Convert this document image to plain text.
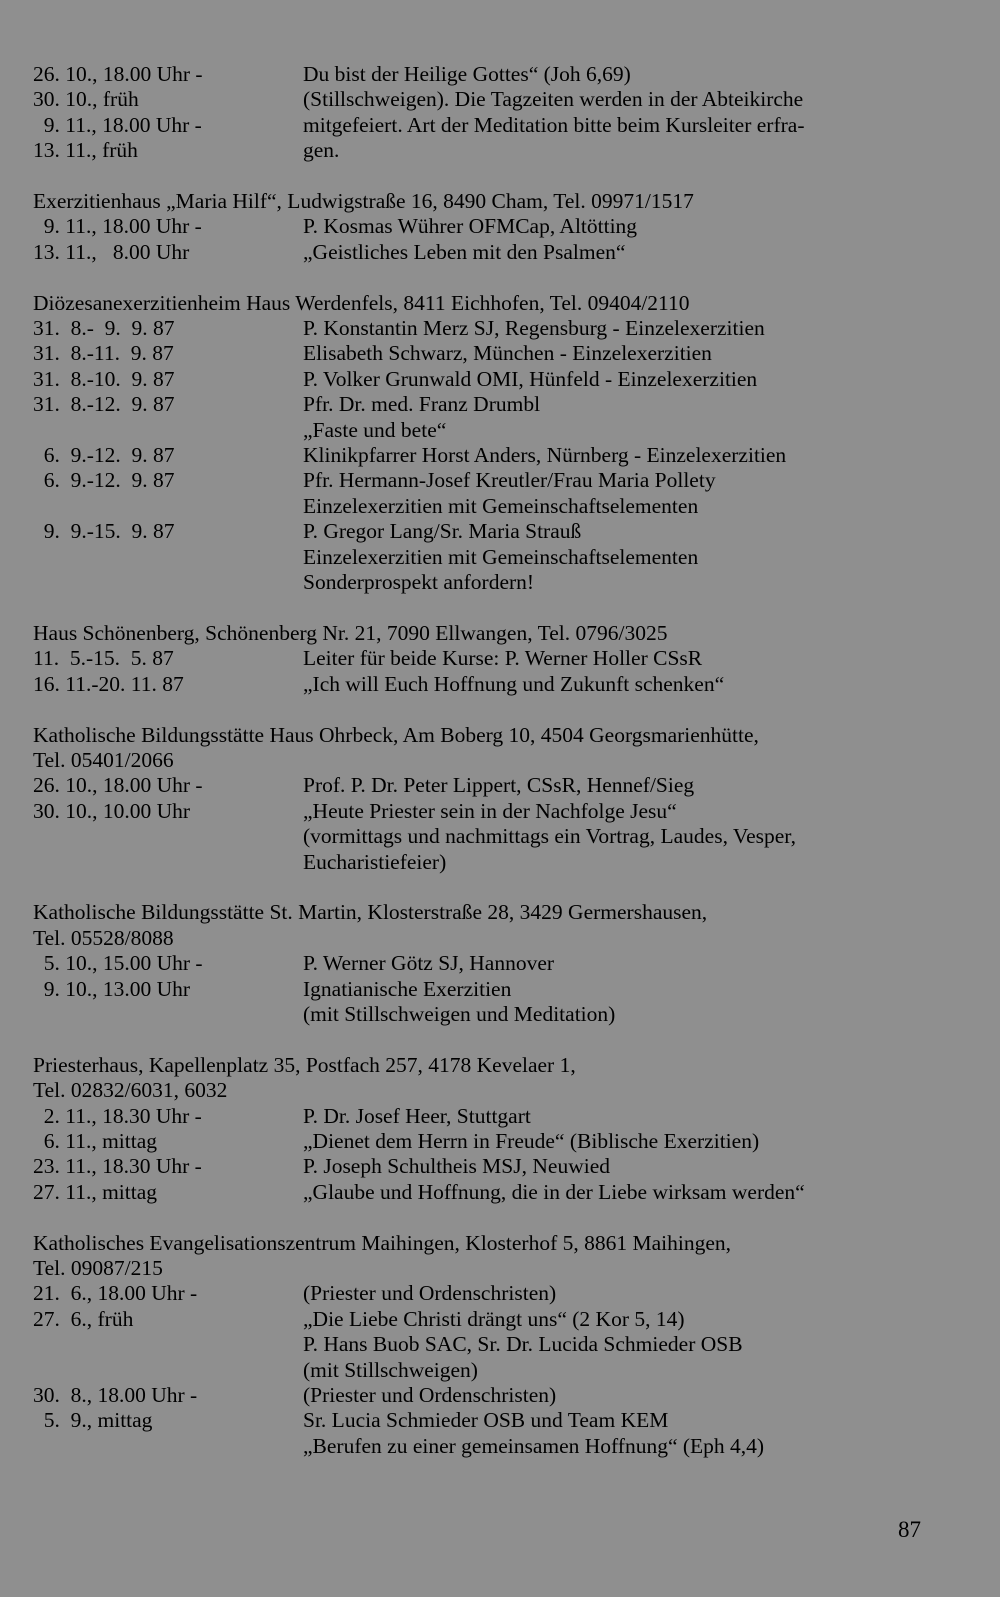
26. 10., 18.00 Uhr -	Du bist der Heilige Gottes“ (Joh 6,69)
30. 10., früh	(Stillschweigen). Die Tagzeiten werden in der Abteikirche
9. 11., 18.00 Uhr -	mitgefeiert. Art der Meditation bitte beim Kursleiter erfra-
13. 11., früh	gen.
Exerzitienhaus „Maria Hilf“, Ludwigstraße 16, 8490 Cham, Tel. 09971/1517
9. 11., 18.00 Uhr -	P. Kosmas Wührer OFMCap, Altötting
13. 11.,   8.00 Uhr	„Geistliches Leben mit den Psalmen“
Diözesanexerzitienheim Haus Werdenfels, 8411 Eichhofen, Tel. 09404/2110
31.  8.-  9.  9. 87	P. Konstantin Merz SJ, Regensburg - Einzelexerzitien
31.  8.-11.  9. 87	Elisabeth Schwarz, München - Einzelexerzitien
31.  8.-10.  9. 87	P. Volker Grunwald OMI, Hünfeld - Einzelexerzitien
31.  8.-12.  9. 87	Pfr. Dr. med. Franz Drumbl
„Faste und bete“
6.  9.-12.  9. 87	Klinikpfarrer Horst Anders, Nürnberg - Einzelexerzitien
6.  9.-12.  9. 87	Pfr. Hermann-Josef Kreutler/Frau Maria Pollety
Einzelexerzitien mit Gemeinschaftselementen
9.  9.-15.  9. 87	P. Gregor Lang/Sr. Maria Strauß
Einzelexerzitien mit Gemeinschaftselementen
Sonderprospekt anfordern!
Haus Schönenberg, Schönenberg Nr. 21, 7090 Ellwangen, Tel. 0796/3025
11.  5.-15.  5. 87	Leiter für beide Kurse: P. Werner Holler CSsR
16. 11.-20. 11. 87	„Ich will Euch Hoffnung und Zukunft schenken“
Katholische Bildungsstätte Haus Ohrbeck, Am Boberg 10, 4504 Georgsmarienhütte,
Tel. 05401/2066
26. 10., 18.00 Uhr -	Prof. P. Dr. Peter Lippert, CSsR, Hennef/Sieg
30. 10., 10.00 Uhr	„Heute Priester sein in der Nachfolge Jesu“
(vormittags und nachmittags ein Vortrag, Laudes, Vesper,
Eucharistiefeier)
Katholische Bildungsstätte St. Martin, Klosterstraße 28, 3429 Germershausen,
Tel. 05528/8088
5. 10., 15.00 Uhr -	P. Werner Götz SJ, Hannover
9. 10., 13.00 Uhr	Ignatianische Exerzitien
(mit Stillschweigen und Meditation)
Priesterhaus, Kapellenplatz 35, Postfach 257, 4178 Kevelaer 1,
Tel. 02832/6031, 6032
2. 11., 18.30 Uhr -	P. Dr. Josef Heer, Stuttgart
6. 11., mittag	„Dienet dem Herrn in Freude“ (Biblische Exerzitien)
23. 11., 18.30 Uhr -	P. Joseph Schultheis MSJ, Neuwied
27. 11., mittag	„Glaube und Hoffnung, die in der Liebe wirksam werden“
Katholisches Evangelisationszentrum Maihingen, Klosterhof 5, 8861 Maihingen,
Tel. 09087/215
21.  6., 18.00 Uhr -	(Priester und Ordenschristen)
27.  6., früh	„Die Liebe Christi drängt uns“ (2 Kor 5, 14)
P. Hans Buob SAC, Sr. Dr. Lucida Schmieder OSB
(mit Stillschweigen)
30.  8., 18.00 Uhr -	(Priester und Ordenschristen)
5.  9., mittag	Sr. Lucia Schmieder OSB und Team KEM
„Berufen zu einer gemeinsamen Hoffnung“ (Eph 4,4)
87
